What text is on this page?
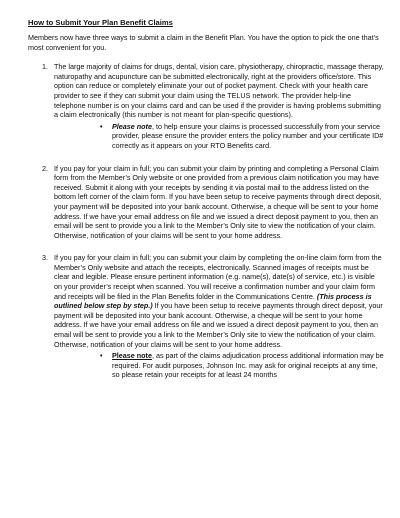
How to Submit Your Plan Benefit Claims

Members now have three ways to submit a claim in the Benefit Plan. You have the option to pick the one that’s most convenient for you.

1. The large majority of claims for drugs, dental, vision care, physiotherapy, chiropractic, massage therapy, naturopathy and acupuncture can be submitted electronically, right at the providers office/store. This option can reduce or completely eliminate your out of pocket payment. Check with your health care provider to see if they can submit your claim using the TELUS network. The provider help-line telephone number is on your claims card and can be used if the provider is having problems submitting a claim electronically (this number is not meant for plan-specific questions).
• Please note, to help ensure your claims is processed successfully from your service provider, please ensure the provider enters the policy number and your certificate ID# correctly as it appears on your RTO Benefits card.
2. If you pay for your claim in full; you can submit your claim by printing and completing a Personal Claim form from the Member’s Only website or one provided from a previous claim notification you may have received. Submit it along with your receipts by sending it via postal mail to the address listed on the bottom left corner of the claim form. If you have been setup to receive payments through direct deposit, your payment will be deposited into your bank account. Otherwise, a cheque will be sent to your home address. If we have your email address on file and we issued a direct deposit payment to you, then an email will be sent to provide you a link to the Member’s Only site to view the notification of your claim. Otherwise, notification of your claims will be sent to your home address.
3. If you pay for your claim in full; you can submit your claim by completing the on-line claim form from the Member’s Only website and attach the receipts, electronically. Scanned images of receipts must be clear and legible. Please ensure pertinent information (e.g. name(s), date(s) of service, etc.) is visible on your provider’s receipt when scanned. You will receive a confirmation number and your claim form and receipts will be filed in the Plan Benefits folder in the Communications Centre. (This process is outlined below step by step.) If you have been setup to receive payments through direct deposit, your payment will be deposited into your bank account. Otherwise, a cheque will be sent to your home address. If we have your email address on file and we issued a direct deposit payment to you, then an email will be sent to provide you a link to the Member’s Only site to view the notification of your claim. Otherwise, notification of your claims will be sent to your home address.
• Please note, as part of the claims adjudication process additional information may be required. For audit purposes, Johnson Inc. may ask for original receipts at any time, so please retain your receipts for at least 24 months
